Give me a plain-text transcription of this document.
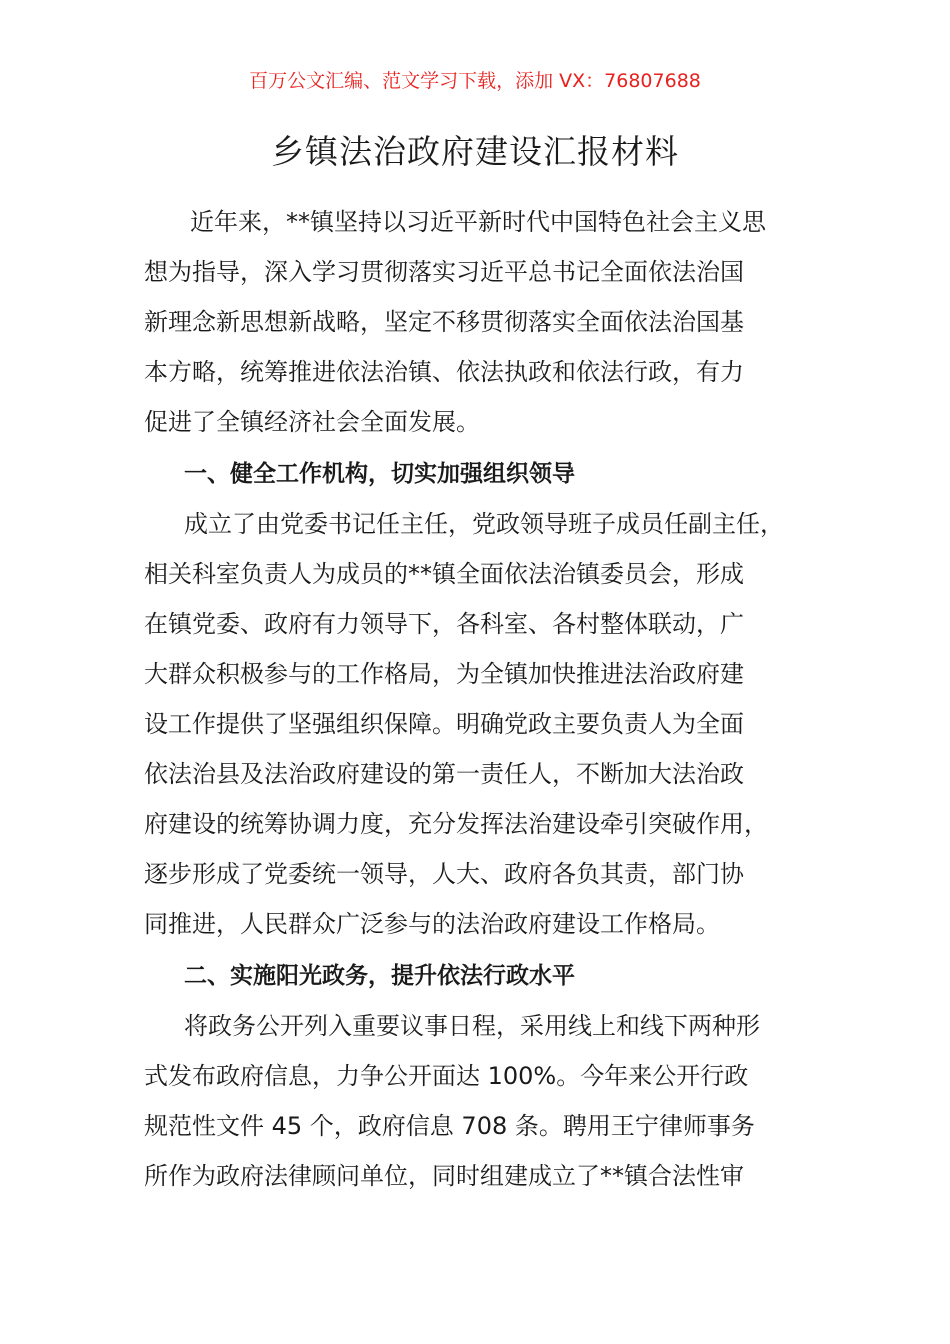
百万公文汇编、范文学习下载，添加 VX：76807688
乡镇法治政府建设汇报材料
近年来，**镇坚持以习近平新时代中国特色社会主义思
想为指导，深入学习贯彻落实习近平总书记全面依法治国
新理念新思想新战略，坚定不移贯彻落实全面依法治国基
本方略，统筹推进依法治镇、依法执政和依法行政，有力
促进了全镇经济社会全面发展。
一、健全工作机构，切实加强组织领导
成立了由党委书记任主任，党政领导班子成员任副主任，
相关科室负责人为成员的**镇全面依法治镇委员会，形成
在镇党委、政府有力领导下，各科室、各村整体联动，广
大群众积极参与的工作格局，为全镇加快推进法治政府建
设工作提供了坚强组织保障。明确党政主要负责人为全面
依法治县及法治政府建设的第一责任人，不断加大法治政
府建设的统筹协调力度，充分发挥法治建设牵引突破作用，
逐步形成了党委统一领导，人大、政府各负其责，部门协
同推进，人民群众广泛参与的法治政府建设工作格局。
二、实施阳光政务，提升依法行政水平
将政务公开列入重要议事日程，采用线上和线下两种形
式发布政府信息，力争公开面达 100%。今年来公开行政
规范性文件 45 个，政府信息 708 条。聘用王宁律师事务
所作为政府法律顾问单位，同时组建成立了**镇合法性审
